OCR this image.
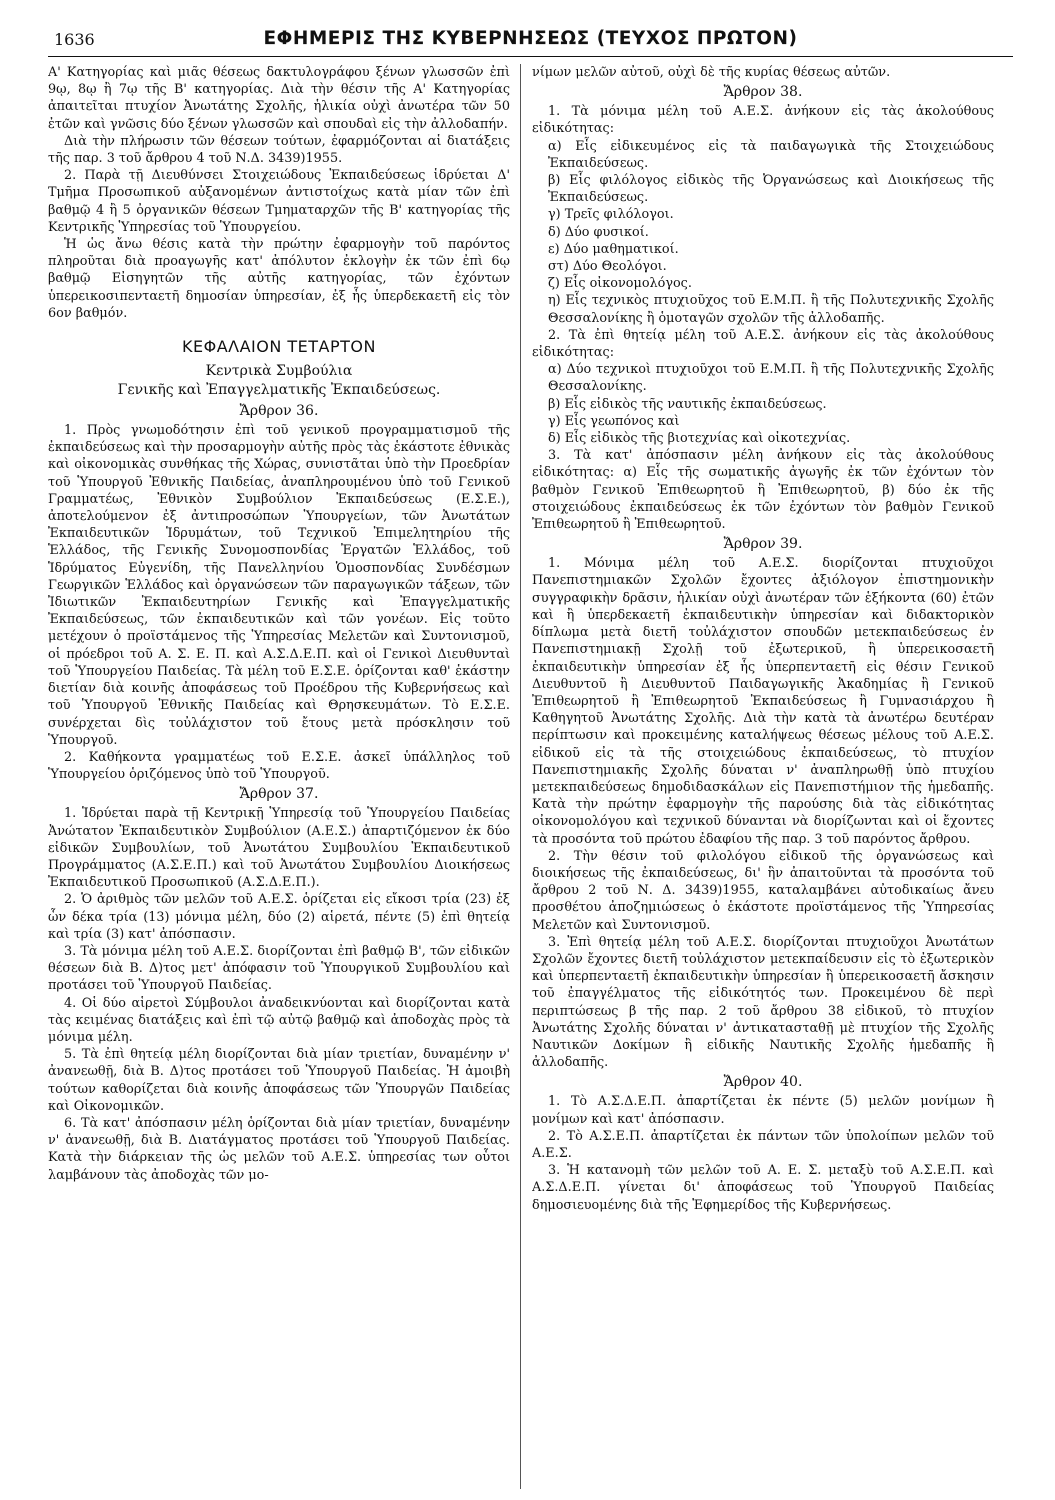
1636	ΕΦΗΜΕΡΙΣ ΤΗΣ ΚΥΒΕΡΝΗΣΕΩΣ (ΤΕΥΧΟΣ ΠΡΩΤΟΝ)

Α' Κατηγορίας καὶ μιᾶς θέσεως δακτυλογράφου ξένων γλωσσῶν ἐπὶ 9ῳ, 8ῳ ἢ 7ῳ τῆς Β' κατηγορίας. Διὰ τὴν θέσιν τῆς Α' Κατηγορίας ἀπαιτεῖται πτυχίον Ἀνωτάτης Σχολῆς, ἡλικία οὐχὶ ἀνωτέρα τῶν 50 ἐτῶν καὶ γνῶσις δύο ξένων γλωσσῶν καὶ σπουδαὶ εἰς τὴν ἀλλοδαπήν.

Διὰ τὴν πλήρωσιν τῶν θέσεων τούτων, ἐφαρμόζονται αἱ διατάξεις τῆς παρ. 3 τοῦ ἄρθρου 4 τοῦ Ν.Δ. 3439)1955.

2. Παρὰ τῇ Διευθύνσει Στοιχειώδους Ἐκπαιδεύσεως ἱδρύεται Δ' Τμῆμα Προσωπικοῦ αὐξανομένων ἀντιστοίχως κατὰ μίαν τῶν ἐπὶ βαθμῷ 4 ἢ 5 ὀργανικῶν θέσεων Τμηματαρχῶν τῆς Β' κατηγορίας τῆς Κεντρικῆς Ὑπηρεσίας τοῦ Ὑπουργείου.

Ἡ ὡς ἄνω θέσις κατὰ τὴν πρώτην ἐφαρμογὴν τοῦ παρόντος πληροῦται διὰ προαγωγῆς κατ' ἀπόλυτον ἐκλογὴν ἐκ τῶν ἐπὶ 6ῳ βαθμῷ Εἰσηγητῶν τῆς αὐτῆς κατηγορίας, τῶν ἐχόντων ὑπερεικοσιπενταετῆ δημοσίαν ὑπηρεσίαν, ἐξ ἧς ὑπερδεκαετῆ εἰς τὸν 6ον βαθμόν.

ΚΕΦΑΛΑΙΟΝ ΤΕΤΑΡΤΟΝ
Κεντρικὰ Συμβούλια
Γενικῆς καὶ Ἐπαγγελματικῆς Ἐκπαιδεύσεως.
Ἄρθρον 36.

1. Πρὸς γνωμοδότησιν ἐπὶ τοῦ γενικοῦ προγραμματισμοῦ τῆς ἐκπαιδεύσεως καὶ τὴν προσαρμογὴν αὐτῆς πρὸς τὰς ἑκάστοτε ἐθνικὰς καὶ οἰκονομικὰς συνθήκας τῆς Χώρας, συνιστᾶται ὑπὸ τὴν Προεδρίαν τοῦ Ὑπουργοῦ Ἐθνικῆς Παιδείας, ἀναπληρουμένου ὑπὸ τοῦ Γενικοῦ Γραμματέως, Ἐθνικὸν Συμβούλιον Ἐκπαιδεύσεως (Ε.Σ.Ε.), ἀποτελούμενον ἐξ ἀντιπροσώπων Ὑπουργείων, τῶν Ἀνωτάτων Ἐκπαιδευτικῶν Ἱδρυμάτων, τοῦ Τεχνικοῦ Ἐπιμελητηρίου τῆς Ἑλλάδος, τῆς Γενικῆς Συνομοσπονδίας Ἐργατῶν Ἑλλάδος, τοῦ Ἱδρύματος Εὐγενίδη, τῆς Πανελληνίου Ὁμοσπονδίας Συνδέσμων Γεωργικῶν Ἑλλάδος καὶ ὀργανώσεων τῶν παραγωγικῶν τάξεων, τῶν Ἰδιωτικῶν Ἐκπαιδευτηρίων Γενικῆς καὶ Ἐπαγγελματικῆς Ἐκπαιδεύσεως, τῶν ἐκπαιδευτικῶν καὶ τῶν γονέων. Εἰς τοῦτο μετέχουν ὁ προϊστάμενος τῆς Ὑπηρεσίας Μελετῶν καὶ Συντονισμοῦ, οἱ πρόεδροι τοῦ Α. Σ. Ε. Π. καὶ Α.Σ.Δ.Ε.Π. καὶ οἱ Γενικοὶ Διευθυνταὶ τοῦ Ὑπουργείου Παιδείας. Τὰ μέλη τοῦ Ε.Σ.Ε. ὁρίζονται καθ' ἑκάστην διετίαν διὰ κοινῆς ἀποφάσεως τοῦ Προέδρου τῆς Κυβερνήσεως καὶ τοῦ Ὑπουργοῦ Ἐθνικῆς Παιδείας καὶ Θρησκευμάτων. Τὸ Ε.Σ.Ε. συνέρχεται δὶς τοὐλάχιστον τοῦ ἔτους μετὰ πρόσκλησιν τοῦ Ὑπουργοῦ.

2. Καθήκοντα γραμματέως τοῦ Ε.Σ.Ε. ἀσκεῖ ὑπάλληλος τοῦ Ὑπουργείου ὁριζόμενος ὑπὸ τοῦ Ὑπουργοῦ.

Ἄρθρον 37.

1. Ἱδρύεται παρὰ τῇ Κεντρικῇ Ὑπηρεσίᾳ τοῦ Ὑπουργείου Παιδείας Ἀνώτατον Ἐκπαιδευτικὸν Συμβούλιον (Α.Ε.Σ.) ἀπαρτιζόμενον ἐκ δύο εἰδικῶν Συμβουλίων, τοῦ Ἀνωτάτου Συμβουλίου Ἐκπαιδευτικοῦ Προγράμματος (Α.Σ.Ε.Π.) καὶ τοῦ Ἀνωτάτου Συμβουλίου Διοικήσεως Ἐκπαιδευτικοῦ Προσωπικοῦ (Α.Σ.Δ.Ε.Π.).

2. Ὁ ἀριθμὸς τῶν μελῶν τοῦ Α.Ε.Σ. ὁρίζεται εἰς εἴκοσι τρία (23) ἐξ ὧν δέκα τρία (13) μόνιμα μέλη, δύο (2) αἱρετά, πέντε (5) ἐπὶ θητείᾳ καὶ τρία (3) κατ' ἀπόσπασιν.

3. Τὰ μόνιμα μέλη τοῦ Α.Ε.Σ. διορίζονται ἐπὶ βαθμῷ Β', τῶν εἰδικῶν θέσεων διὰ Β. Δ)τος μετ' ἀπόφασιν τοῦ Ὑπουργικοῦ Συμβουλίου καὶ προτάσει τοῦ Ὑπουργοῦ Παιδείας.

4. Οἱ δύο αἱρετοὶ Σύμβουλοι ἀναδεικνύονται καὶ διορίζονται κατὰ τὰς κειμένας διατάξεις καὶ ἐπὶ τῷ αὐτῷ βαθμῷ καὶ ἀποδοχὰς πρὸς τὰ μόνιμα μέλη.

5. Τὰ ἐπὶ θητείᾳ μέλη διορίζονται διὰ μίαν τριετίαν, δυναμένην ν' ἀνανεωθῇ, διὰ Β. Δ)τος προτάσει τοῦ Ὑπουργοῦ Παιδείας. Ἡ ἀμοιβὴ τούτων καθορίζεται διὰ κοινῆς ἀποφάσεως τῶν Ὑπουργῶν Παιδείας καὶ Οἰκονομικῶν.

6. Τὰ κατ' ἀπόσπασιν μέλη ὁρίζονται διὰ μίαν τριετίαν, δυναμένην ν' ἀνανεωθῇ, διὰ Β. Διατάγματος προτάσει τοῦ Ὑπουργοῦ Παιδείας. Κατὰ τὴν διάρκειαν τῆς ὡς μελῶν τοῦ Α.Ε.Σ. ὑπηρεσίας των οὗτοι λαμβάνουν τὰς ἀποδοχὰς τῶν μο-

νίμων μελῶν αὐτοῦ, οὐχὶ δὲ τῆς κυρίας θέσεως αὐτῶν.

Ἄρθρον 38.

1. Τὰ μόνιμα μέλη τοῦ Α.Ε.Σ. ἀνήκουν εἰς τὰς ἀκολούθους εἰδικότητας:

α) Εἷς εἰδικευμένος εἰς τὰ παιδαγωγικὰ τῆς Στοιχειώδους Ἐκπαιδεύσεως.

β) Εἷς φιλόλογος εἰδικὸς τῆς Ὀργανώσεως καὶ Διοικήσεως τῆς Ἐκπαιδεύσεως.

γ) Τρεῖς φιλόλογοι.

δ) Δύο φυσικοί.

ε) Δύο μαθηματικοί.

στ) Δύο Θεολόγοι.

ζ) Εἷς οἰκονομολόγος.

η) Εἷς τεχνικὸς πτυχιοῦχος τοῦ Ε.Μ.Π. ἢ τῆς Πολυτεχνικῆς Σχολῆς Θεσσαλονίκης ἢ ὁμοταγῶν σχολῶν τῆς ἀλλοδαπῆς.

2. Τὰ ἐπὶ θητείᾳ μέλη τοῦ Α.Ε.Σ. ἀνήκουν εἰς τὰς ἀκολούθους εἰδικότητας:

α) Δύο τεχνικοὶ πτυχιοῦχοι τοῦ Ε.Μ.Π. ἢ τῆς Πολυτεχνικῆς Σχολῆς Θεσσαλονίκης.

β) Εἷς εἰδικὸς τῆς ναυτικῆς ἐκπαιδεύσεως.

γ) Εἷς γεωπόνος καὶ

δ) Εἷς εἰδικὸς τῆς βιοτεχνίας καὶ οἰκοτεχνίας.

3. Τὰ κατ' ἀπόσπασιν μέλη ἀνήκουν εἰς τὰς ἀκολούθους εἰδικότητας: α) Εἷς τῆς σωματικῆς ἀγωγῆς ἐκ τῶν ἐχόντων τὸν βαθμὸν Γενικοῦ Ἐπιθεωρητοῦ ἢ Ἐπιθεωρητοῦ, β) δύο ἐκ τῆς στοιχειώδους ἐκπαιδεύσεως ἐκ τῶν ἐχόντων τὸν βαθμὸν Γενικοῦ Ἐπιθεωρητοῦ ἢ Ἐπιθεωρητοῦ.

Ἄρθρον 39.

1. Μόνιμα μέλη τοῦ Α.Ε.Σ. διορίζονται πτυχιοῦχοι Πανεπιστημιακῶν Σχολῶν ἔχοντες ἀξιόλογον ἐπιστημονικὴν συγγραφικὴν δρᾶσιν, ἡλικίαν οὐχὶ ἀνωτέραν τῶν ἑξήκοντα (60) ἐτῶν καὶ ἢ ὑπερδεκαετῆ ἐκπαιδευτικὴν ὑπηρεσίαν καὶ διδακτορικὸν δίπλωμα μετὰ διετῆ τοὐλάχιστον σπουδῶν μετεκπαιδεύσεως ἐν Πανεπιστημιακῇ Σχολῇ τοῦ ἐξωτερικοῦ, ἢ ὑπερεικοσαετῆ ἐκπαιδευτικὴν ὑπηρεσίαν ἐξ ἧς ὑπερπενταετῆ εἰς θέσιν Γενικοῦ Διευθυντοῦ ἢ Διευθυντοῦ Παιδαγωγικῆς Ἀκαδημίας ἢ Γενικοῦ Ἐπιθεωρητοῦ ἢ Ἐπιθεωρητοῦ Ἐκπαιδεύσεως ἢ Γυμνασιάρχου ἢ Καθηγητοῦ Ἀνωτάτης Σχολῆς. Διὰ τὴν κατὰ τὰ ἀνωτέρω δευτέραν περίπτωσιν καὶ προκειμένης καταλήψεως θέσεως μέλους τοῦ Α.Ε.Σ. εἰδικοῦ εἰς τὰ τῆς στοιχειώδους ἐκπαιδεύσεως, τὸ πτυχίον Πανεπιστημιακῆς Σχολῆς δύναται ν' ἀναπληρωθῇ ὑπὸ πτυχίου μετεκπαιδεύσεως δημοδιδασκάλων εἰς Πανεπιστήμιον τῆς ἡμεδαπῆς. Κατὰ τὴν πρώτην ἐφαρμογὴν τῆς παρούσης διὰ τὰς εἰδικότητας οἰκονομολόγου καὶ τεχνικοῦ δύνανται νὰ διορίζωνται καὶ οἱ ἔχοντες τὰ προσόντα τοῦ πρώτου ἐδαφίου τῆς παρ. 3 τοῦ παρόντος ἄρθρου.

2. Τὴν θέσιν τοῦ φιλολόγου εἰδικοῦ τῆς ὀργανώσεως καὶ διοικήσεως τῆς ἐκπαιδεύσεως, δι' ἣν ἀπαιτοῦνται τὰ προσόντα τοῦ ἄρθρου 2 τοῦ Ν. Δ. 3439)1955, καταλαμβάνει αὐτοδικαίως ἄνευ προσθέτου ἀποζημιώσεως ὁ ἑκάστοτε προϊστάμενος τῆς Ὑπηρεσίας Μελετῶν καὶ Συντονισμοῦ.

3. Ἐπὶ θητείᾳ μέλη τοῦ Α.Ε.Σ. διορίζονται πτυχιοῦχοι Ἀνωτάτων Σχολῶν ἔχοντες διετῆ τοὐλάχιστον μετεκπαίδευσιν εἰς τὸ ἐξωτερικὸν καὶ ὑπερπενταετῆ ἐκπαιδευτικὴν ὑπηρεσίαν ἢ ὑπερεικοσαετῆ ἄσκησιν τοῦ ἐπαγγέλματος τῆς εἰδικότητός των. Προκειμένου δὲ περὶ περιπτώσεως β τῆς παρ. 2 τοῦ ἄρθρου 38 εἰδικοῦ, τὸ πτυχίον Ἀνωτάτης Σχολῆς δύναται ν' ἀντικατασταθῇ μὲ πτυχίον τῆς Σχολῆς Ναυτικῶν Δοκίμων ἢ εἰδικῆς Ναυτικῆς Σχολῆς ἡμεδαπῆς ἢ ἀλλοδαπῆς.

Ἄρθρον 40.

1. Τὸ Α.Σ.Δ.Ε.Π. ἀπαρτίζεται ἐκ πέντε (5) μελῶν μονίμων ἢ μονίμων καὶ κατ' ἀπόσπασιν.

2. Τὸ Α.Σ.Ε.Π. ἀπαρτίζεται ἐκ πάντων τῶν ὑπολοίπων μελῶν τοῦ Α.Ε.Σ.

3. Ἡ κατανομὴ τῶν μελῶν τοῦ Α. Ε. Σ. μεταξὺ τοῦ Α.Σ.Ε.Π. καὶ Α.Σ.Δ.Ε.Π. γίνεται δι' ἀποφάσεως τοῦ Ὑπουργοῦ Παιδείας δημοσιευομένης διὰ τῆς Ἐφημερίδος τῆς Κυβερνήσεως.
